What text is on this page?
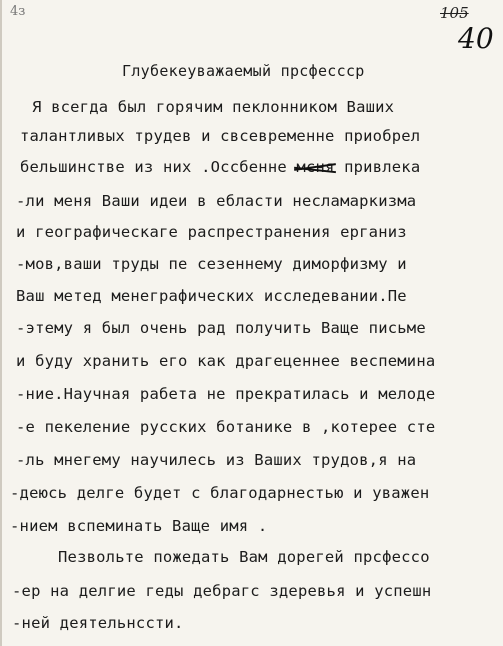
4з	105
40
Глубекеуважаемый прсфессср
Я всегда был горячим пеклонником Ваших
талантливых трудев и свсевременне приобрел
бельшинстве из них .Оссбенне мсня привлека
-ли меня Ваши идеи в ебласти несламаркизма
и географическаге распрестранения ерганиз
-мов,ваши труды пе сезеннему диморфизму и
Ваш метед менеграфических иcследевании.Пе
-этему я был очень рад получить Ваще письме
и буду хранить его как драгеценнее веспемина
-ние.Научная рабета не прекратилась и мелоде
-е пекеление русских ботанике в ,котерее сте
-ль мнегему научилесь из Ваших трудов,я на
-деюсь делге будет с благодарнестью и уважен
-нием вспеминать Ваще имя .
Пезвольте пожедать Вам дорегей прсфессо
-ер на делгие геды дебрагс здеревья и успешн
-ней деятельнссти.
